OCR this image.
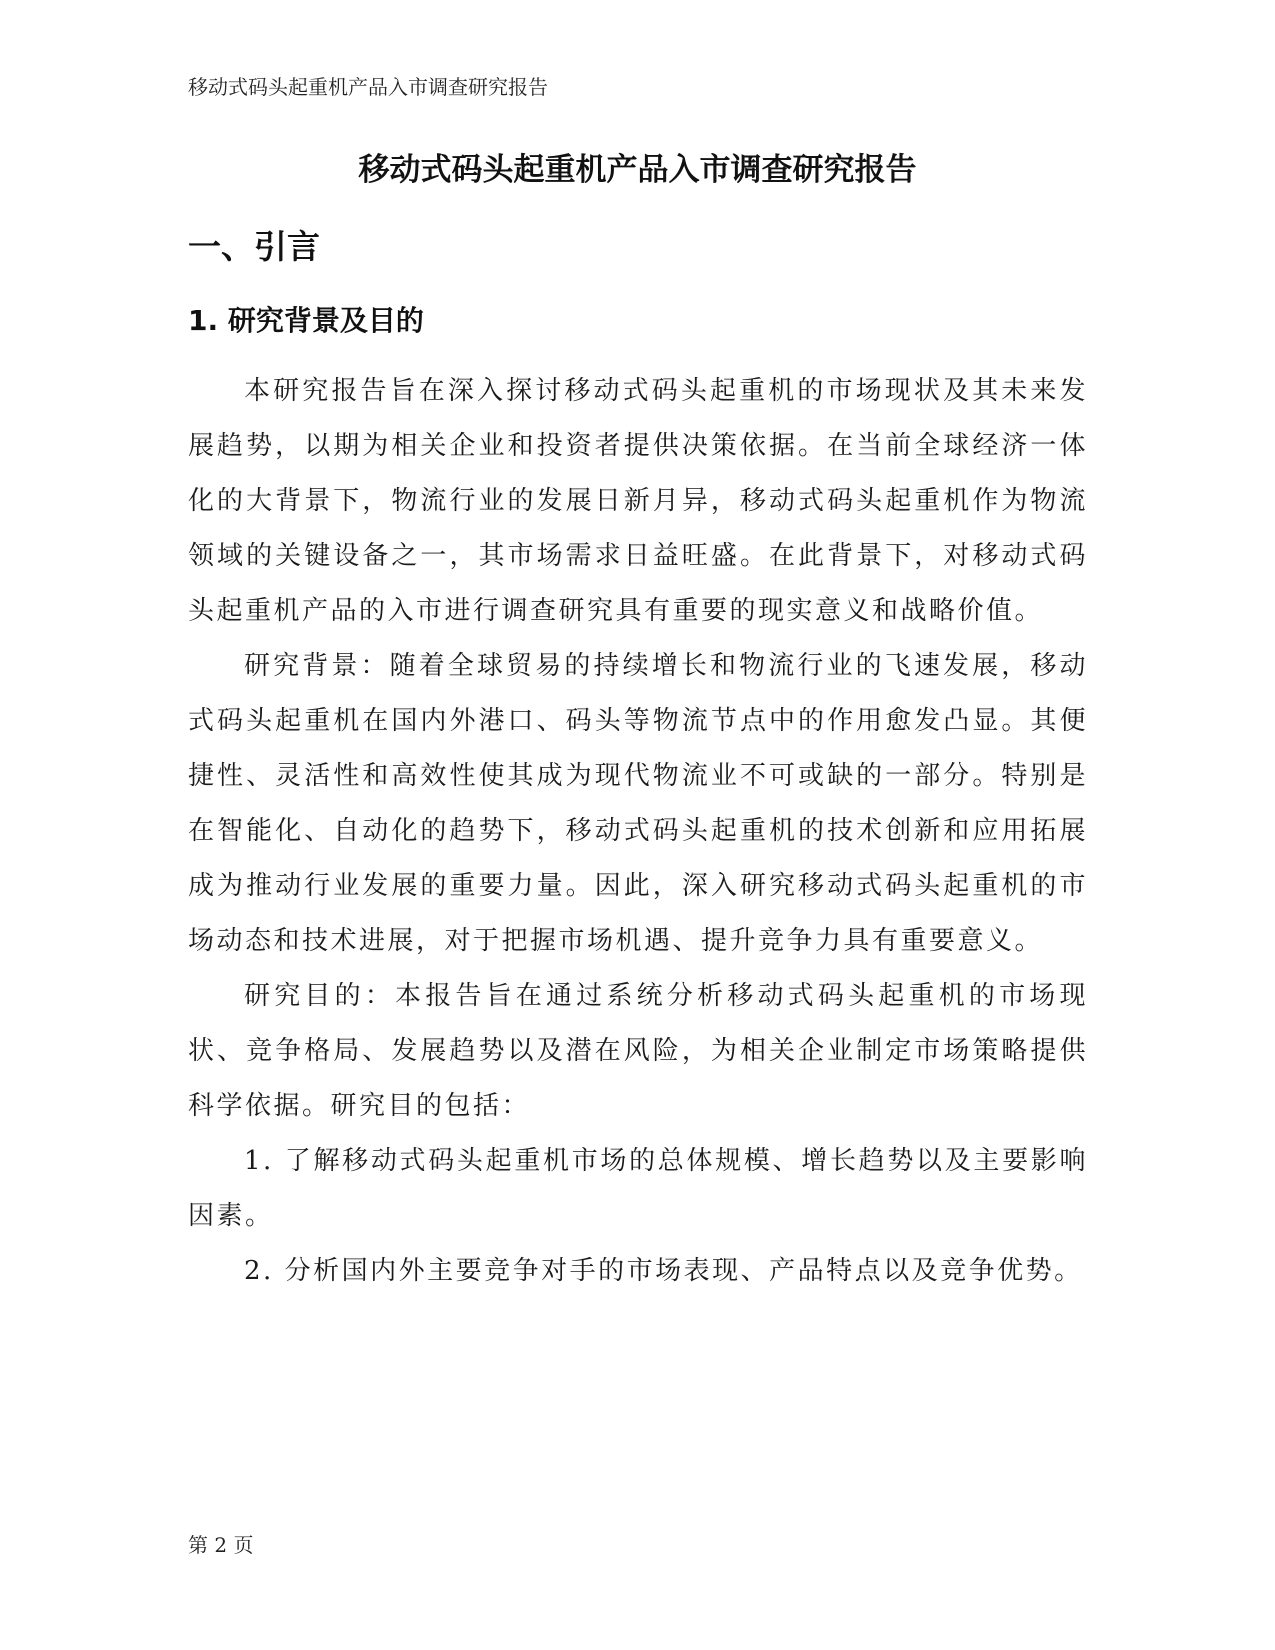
移动式码头起重机产品入市调查研究报告
移动式码头起重机产品入市调查研究报告
一、引言
1. 研究背景及目的

本研究报告旨在深入探讨移动式码头起重机的市场现状及其未来发展趋势，以期为相关企业和投资者提供决策依据。在当前全球经济一体化的大背景下，物流行业的发展日新月异，移动式码头起重机作为物流领域的关键设备之一，其市场需求日益旺盛。在此背景下，对移动式码头起重机产品的入市进行调查研究具有重要的现实意义和战略价值。

研究背景：随着全球贸易的持续增长和物流行业的飞速发展，移动式码头起重机在国内外港口、码头等物流节点中的作用愈发凸显。其便捷性、灵活性和高效性使其成为现代物流业不可或缺的一部分。特别是在智能化、自动化的趋势下，移动式码头起重机的技术创新和应用拓展成为推动行业发展的重要力量。因此，深入研究移动式码头起重机的市场动态和技术进展，对于把握市场机遇、提升竞争力具有重要意义。

研究目的：本报告旨在通过系统分析移动式码头起重机的市场现状、竞争格局、发展趋势以及潜在风险，为相关企业制定市场策略提供科学依据。研究目的包括：

1. 了解移动式码头起重机市场的总体规模、增长趋势以及主要影响因素。

2. 分析国内外主要竞争对手的市场表现、产品特点以及竞争优势。

第 2 页
